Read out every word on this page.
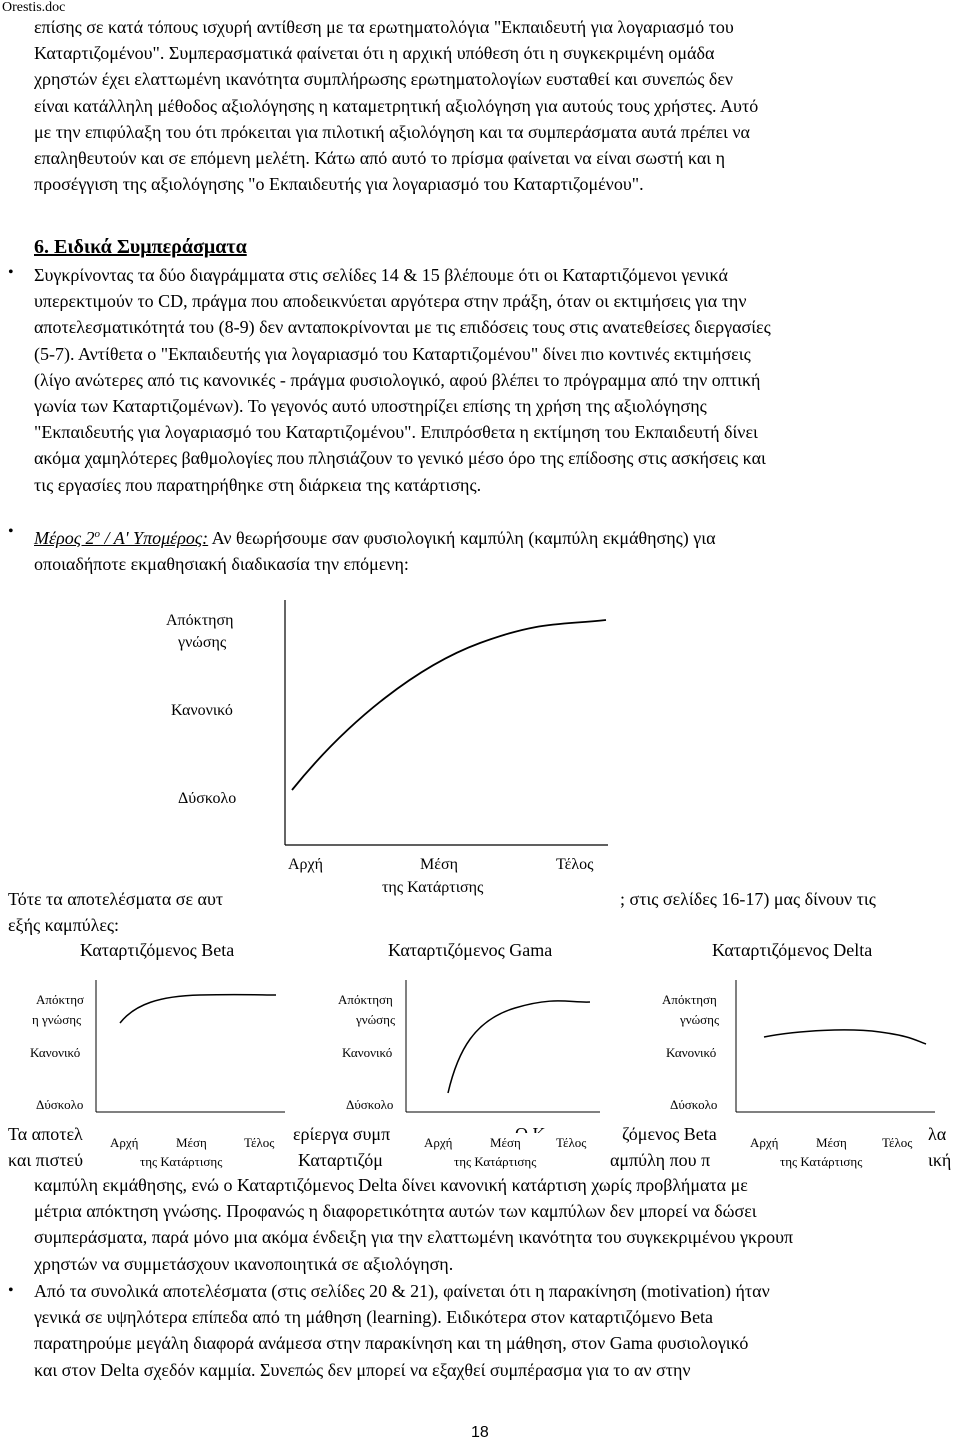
Orestis.doc
επίσης σε κατά τόπους ισχυρή αντίθεση με τα ερωτηματολόγια "Εκπαιδευτή για λογαριασμό του
Καταρτιζομένου". Συμπερασματικά φαίνεται ότι η αρχική υπόθεση ότι η συγκεκριμένη ομάδα
χρηστών έχει ελαττωμένη ικανότητα συμπλήρωσης ερωτηματολογίων ευσταθεί και συνεπώς δεν
είναι κατάλληλη μέθοδος αξιολόγησης η καταμετρητική αξιολόγηση για αυτούς τους χρήστες. Αυτό
με την επιφύλαξη του ότι πρόκειται για πιλοτική αξιολόγηση και τα συμπεράσματα αυτά πρέπει να
επαληθευτούν και σε επόμενη μελέτη. Κάτω από αυτό το πρίσμα φαίνεται να είναι σωστή και η
προσέγγιση της αξιολόγησης "ο Εκπαιδευτής για λογαριασμό του Καταρτιζομένου".
6. Ειδικά Συμπεράσματα
• Συγκρίνοντας τα δύο διαγράμματα στις σελίδες 14 & 15 βλέπουμε ότι οι Καταρτιζόμενοι γενικά
υπερεκτιμούν το CD, πράγμα που αποδεικνύεται αργότερα στην πράξη, όταν οι εκτιμήσεις για την
αποτελεσματικότητά του (8-9) δεν ανταποκρίνονται με τις επιδόσεις τους στις ανατεθείσες διεργασίες
(5-7). Αντίθετα ο "Εκπαιδευτής για λογαριασμό του Καταρτιζομένου" δίνει πιο κοντινές εκτιμήσεις
(λίγο ανώτερες από τις κανονικές - πράγμα φυσιολογικό, αφού βλέπει το πρόγραμμα από την οπτική
γωνία των Καταρτιζομένων). Το γεγονός αυτό υποστηρίζει επίσης τη χρήση της αξιολόγησης
"Εκπαιδευτής για λογαριασμό του Καταρτιζομένου". Επιπρόσθετα η εκτίμηση του Εκπαιδευτή δίνει
ακόμα χαμηλότερες βαθμολογίες που πλησιάζουν το γενικό μέσο όρο της επίδοσης στις ασκήσεις και
τις εργασίες που παρατηρήθηκε στη διάρκεια της κατάρτισης.
• Μέρος $2^o$ / Α' Υπομέρος: Αν θεωρήσουμε σαν φυσιολογική καμπύλη (καμπύλη εκμάθησης) για
οποιαδήποτε εκμαθησιακή διαδικασία την επόμενη:
Απόκτηση
γνώσης
Κανονικό
Δύσκολο
Αρχή	Μέση	Τέλος
της Κατάρτισης
Τότε τα αποτελέσματα σε αυτ	; στις σελίδες 16-17) μας δίνουν τις
εξής καμπύλες:
Καταρτιζόμενος Beta	Καταρτιζόμενος Gama	Καταρτιζόμενος Delta
Απόκτησ
η γνώσης
Κανονικό
Δύσκολο
Απόκτηση
γνώσης
Κανονικό
Δύσκολο
Απόκτηση
γνώσης
Κανονικό
Δύσκολο
Τα αποτελ	ερίεργα συμπ	ζόμενος Beta	λα
και πιστεύ	Καταρτιζόμ	αμπύλη που π	ική
Αρχή	Μέση	Τέλος
της Κατάρτισης
Αρχή	Μέση	Τέλος
της Κατάρτισης
Αρχή	Μέση	Τέλος
της Κατάρτισης
καμπύλη εκμάθησης, ενώ ο Καταρτιζόμενος Delta δίνει κανονική κατάρτιση χωρίς προβλήματα με
μέτρια απόκτηση γνώσης. Προφανώς η διαφορετικότητα αυτών των καμπύλων δεν μπορεί να δώσει
συμπεράσματα, παρά μόνο μια ακόμα ένδειξη για την ελαττωμένη ικανότητα του συγκεκριμένου γκρουπ
χρηστών να συμμετάσχουν ικανοποιητικά σε αξιολόγηση.
• Από τα συνολικά αποτελέσματα (στις σελίδες 20 & 21), φαίνεται ότι η παρακίνηση (motivation) ήταν
γενικά σε υψηλότερα επίπεδα από τη μάθηση (learning). Ειδικότερα στον καταρτιζόμενο Beta
παρατηρούμε μεγάλη διαφορά ανάμεσα στην παρακίνηση και τη μάθηση, στον Gama φυσιολογικό
και στον Delta σχεδόν καμμία. Συνεπώς δεν μπορεί να εξαχθεί συμπέρασμα για το αν στην
18
